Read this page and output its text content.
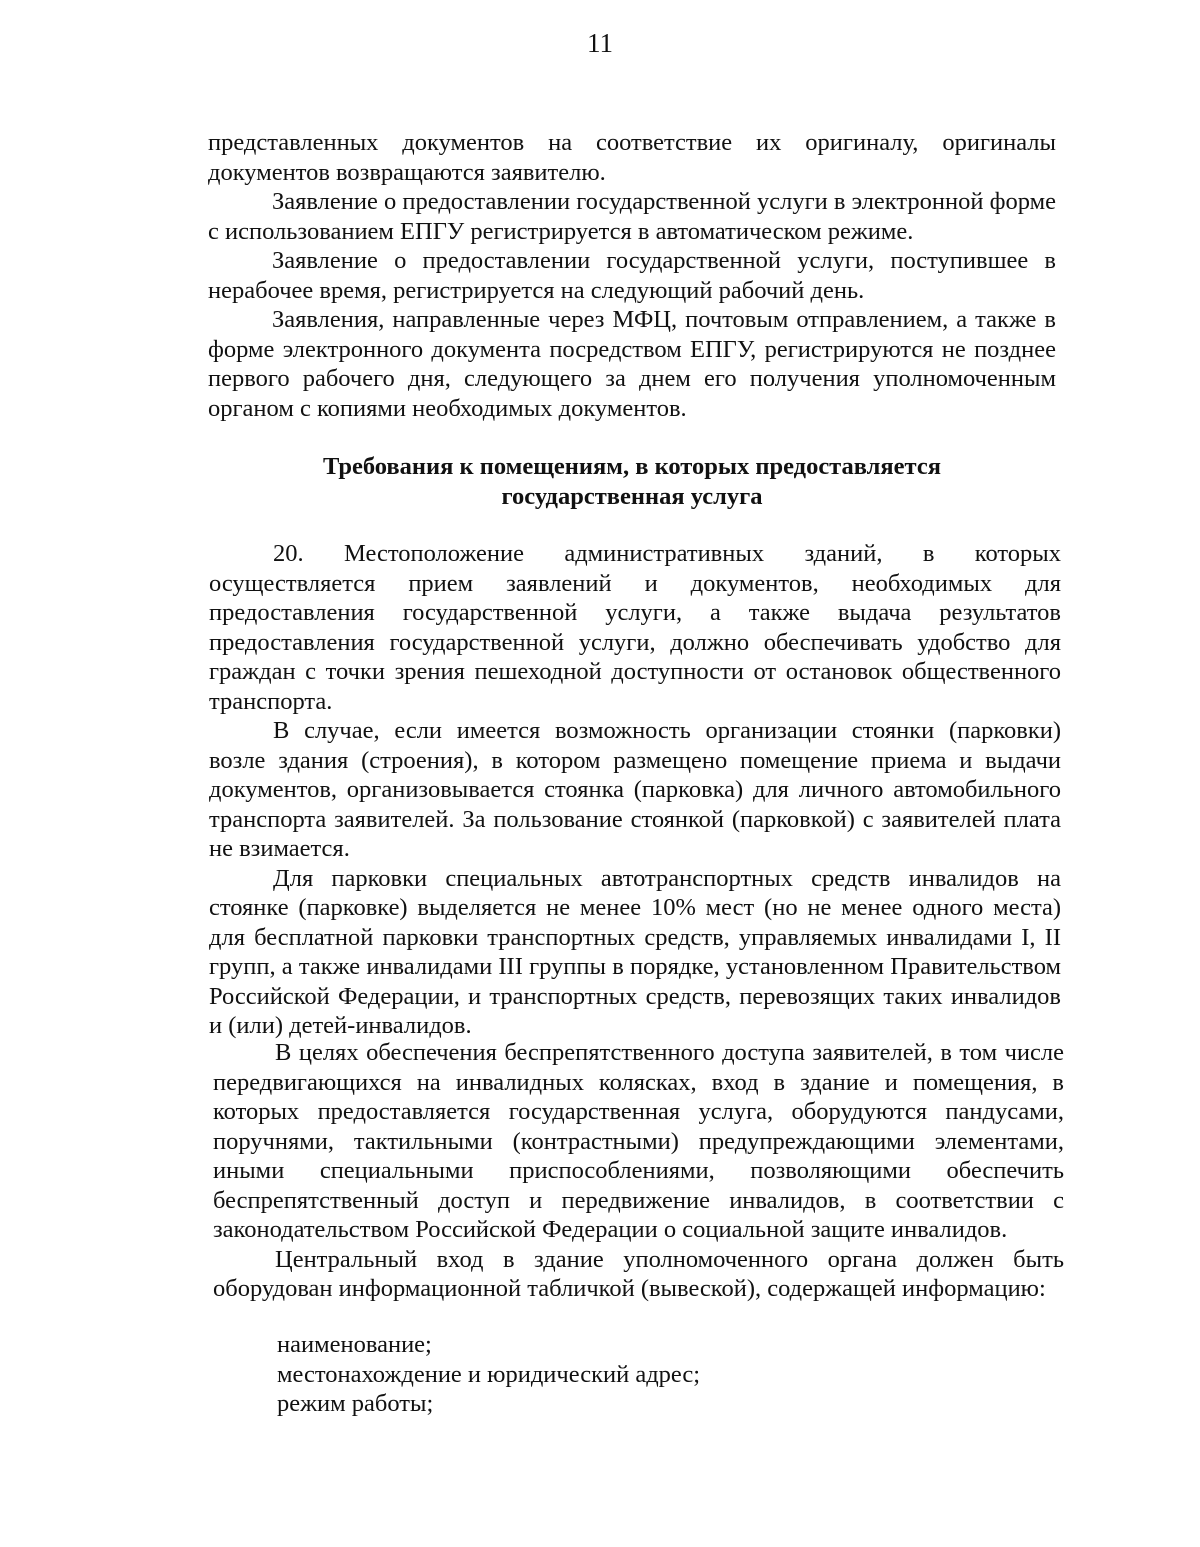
11

представленных документов на соответствие их оригиналу, оригиналы документов возвращаются заявителю.

Заявление о предоставлении государственной услуги в электронной форме с использованием ЕПГУ регистрируется в автоматическом режиме.

Заявление о предоставлении государственной услуги, поступившее в нерабочее время, регистрируется на следующий рабочий день.

Заявления, направленные через МФЦ, почтовым отправлением, а также в форме электронного документа посредством ЕПГУ, регистрируются не позднее первого рабочего дня, следующего за днем его получения уполномоченным органом с копиями необходимых документов.

Требования к помещениям, в которых предоставляется
государственная услуга

20. Местоположение административных зданий, в которых осуществляется прием заявлений и документов, необходимых для предоставления государственной услуги, а также выдача результатов предоставления государственной услуги, должно обеспечивать удобство для граждан с точки зрения пешеходной доступности от остановок общественного транспорта.

В случае, если имеется возможность организации стоянки (парковки) возле здания (строения), в котором размещено помещение приема и выдачи документов, организовывается стоянка (парковка) для личного автомобильного транспорта заявителей. За пользование стоянкой (парковкой) с заявителей плата не взимается.

Для парковки специальных автотранспортных средств инвалидов на стоянке (парковке) выделяется не менее 10% мест (но не менее одного места) для бесплатной парковки транспортных средств, управляемых инвалидами I, II групп, а также инвалидами III группы в порядке, установленном Правительством Российской Федерации, и транспортных средств, перевозящих таких инвалидов и (или) детей-инвалидов.

В целях обеспечения беспрепятственного доступа заявителей, в том числе передвигающихся на инвалидных колясках, вход в здание и помещения, в которых предоставляется государственная услуга, оборудуются пандусами, поручнями, тактильными (контрастными) предупреждающими элементами, иными специальными приспособлениями, позволяющими обеспечить беспрепятственный доступ и передвижение инвалидов, в соответствии с законодательством Российской Федерации о социальной защите инвалидов.

Центральный вход в здание уполномоченного органа должен быть оборудован информационной табличкой (вывеской), содержащей информацию:

наименование;
местонахождение и юридический адрес;
режим работы;
